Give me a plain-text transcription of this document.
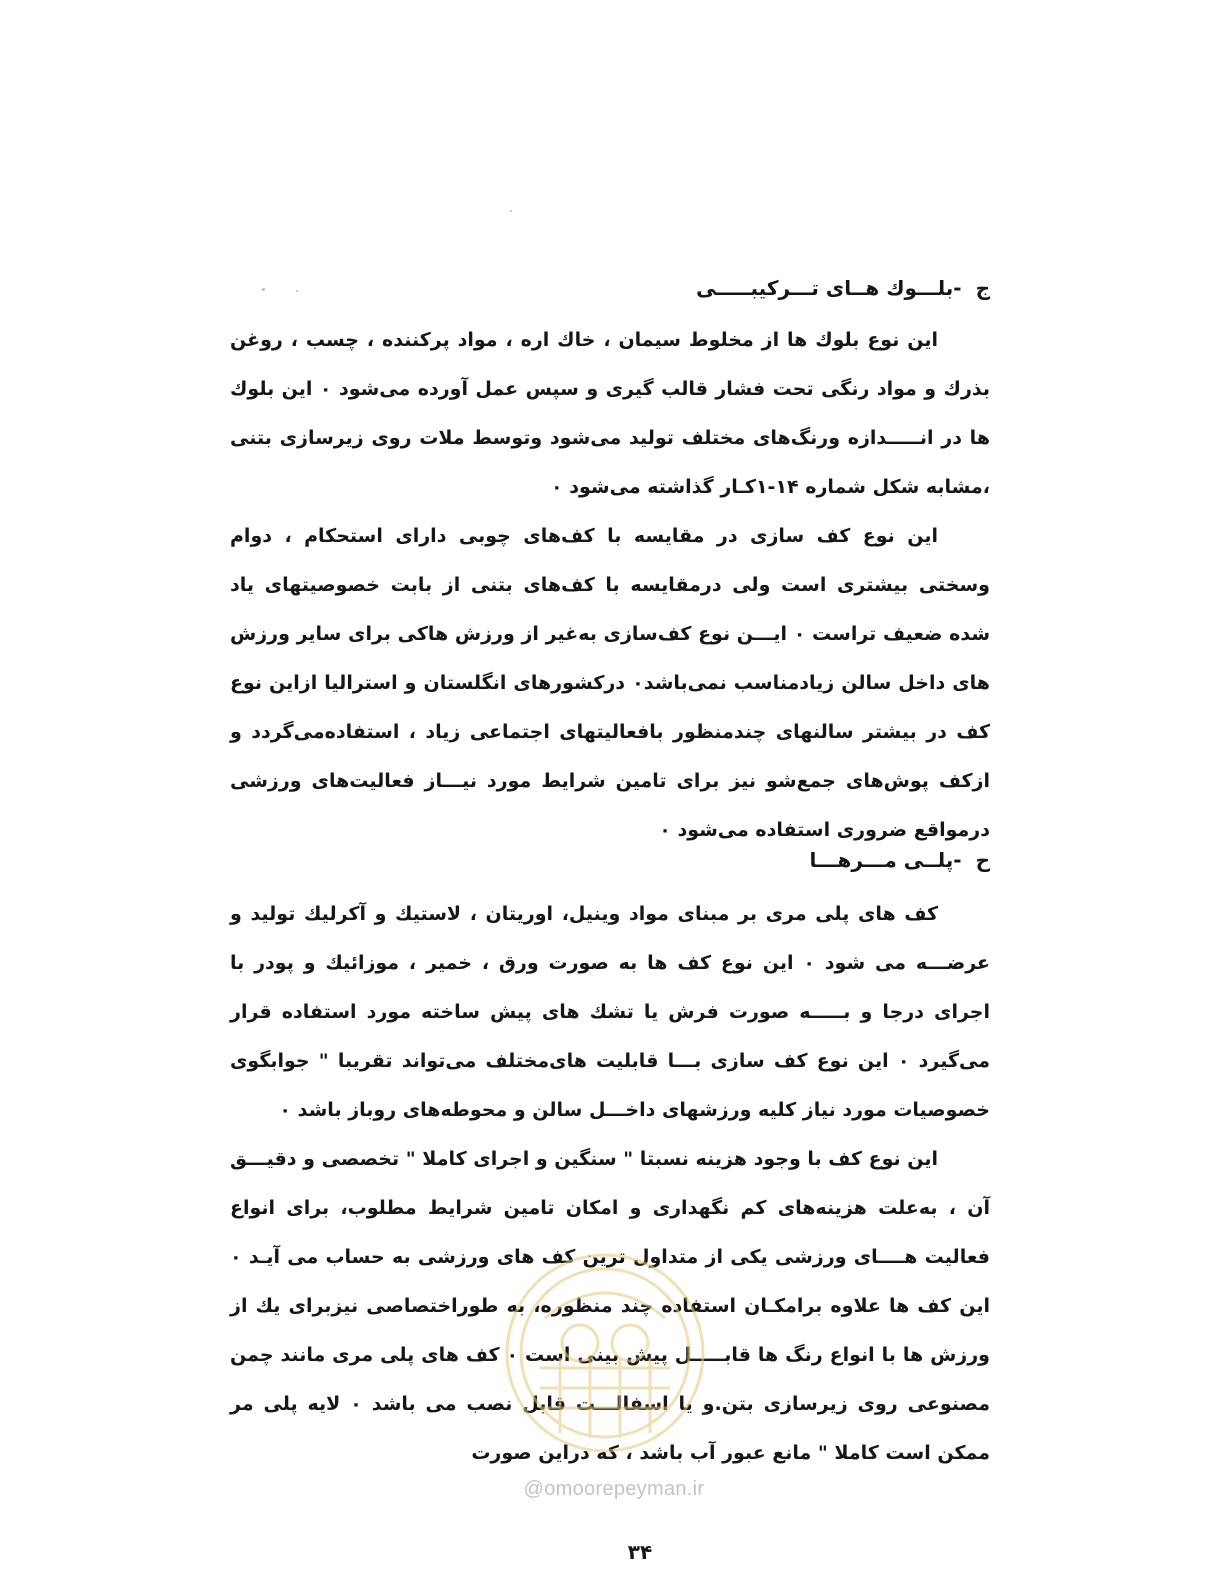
ج-بلـــوك هــای تـــركیبـــــی

این نوع بلوك ها از مخلوط سیمان ، خاك اره ، مواد پركننده ، چسب ، روغن بذرك و مواد رنگی تحت فشار قالب گیری و سپس عمل آورده می‌شود ۰ این بلوك ها در انـــــدازه ورنگ‌های مختلف تولید می‌شود وتوسط ملات روی زیرسازی بتنی ،مشابه شكل شماره ۱۴-۱كـار گذاشته می‌شود ۰

این نوع كف سازی در مقایسه با كف‌های چوبی دارای استحكام ، دوام وسختی بیشتری است ولی درمقایسه با كف‌های بتنی از بابت خصوصیتهای یاد شده ضعیف تراست ۰ ایـــن نوع كف‌سازی به‌غیر از ورزش هاكی برای سایر ورزش های داخل سالن زیادمناسب نمی‌باشد۰ دركشورهای انگلستان و استرالیا ازاین نوع كف در بیشتر سالنهای چندمنظور بافعالیتهای اجتماعی زیاد ، استفاده‌می‌گردد و ازكف پوش‌های جمع‌شو نیز برای تامین شرایط مورد نیـــاز فعالیت‌های ورزشی درمواقع ضروری استفاده می‌شود ۰

ح-پلــی مـــرهـــا

كف های پلی مری بر مبنای مواد وینیل، اوریتان ، لاستیك و آكرلیك تولید و عرضـــه می شود ۰ این نوع كف ها به صورت ورق ، خمیر ، موزائیك و پودر با اجرای درجا و بـــــه صورت فرش یا تشك های پیش ساخته مورد استفاده قرار می‌گیرد ۰ این نوع كف سازی بـــا قابلیت های‌مختلف می‌تواند تقریبا " جوابگوی خصوصیات مورد نیاز كلیه ورزشهای داخـــل سالن و محوطه‌های روباز باشد ۰

این نوع كف با وجود هزینه نسبتا " سنگین و اجرای كاملا " تخصصی و دقیـــق آن ، به‌علت هزینه‌های كم نگهداری و امكان تامین شرایط مطلوب، برای انواع فعالیت هــــای ورزشی یكی از متداول ترین كف های ورزشی به حساب می آیـد ۰ این كف ها علاوه برامكـان استفاده چند منظوره، به طوراختصاصی نیزبرای یك از ورزش ها با انواع رنگ ها قابـــــل پیش بینی است ۰ كف های پلی مری مانند چمن مصنوعی روی زیرسازی بتن.و یا اسفالـــت قابل نصب می باشد ۰ لایه پلی مر ممكن است كاملا " مانع عبور آب باشد ، كه دراین صورت

@omoorepeyman.ir
۳۴
